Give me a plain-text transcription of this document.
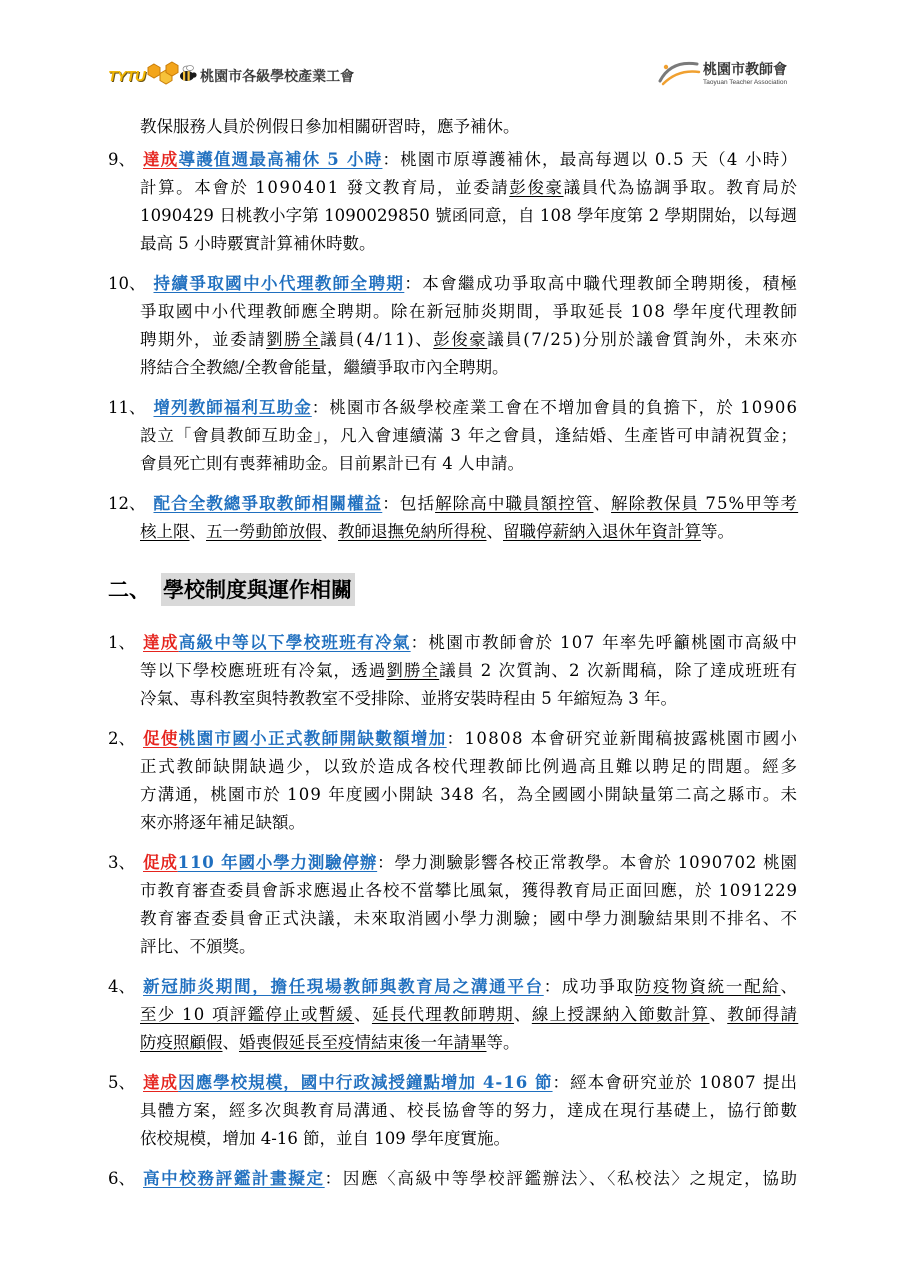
TYTU	桃園市各級學校產業工會	桃園市教師會
Taoyuan Teacher Association
教保服務人員於例假日參加相關研習時，應予補休。
9、 達成導護值週最高補休 5 小時：桃園市原導護補休，最高每週以 0.5 天（4 小時）
計算。本會於 1090401 發文教育局，並委請彭俊豪議員代為協調爭取。教育局於
1090429 日桃教小字第 1090029850 號函同意，自 108 學年度第 2 學期開始，以每週
最高 5 小時覈實計算補休時數。
10、 持續爭取國中小代理教師全聘期：本會繼成功爭取高中職代理教師全聘期後，積極
爭取國中小代理教師應全聘期。除在新冠肺炎期間，爭取延長 108 學年度代理教師
聘期外，並委請劉勝全議員(4/11)、彭俊豪議員(7/25)分別於議會質詢外，未來亦
將結合全教總/全教會能量，繼續爭取市內全聘期。
11、 增列教師福利互助金：桃園市各級學校產業工會在不增加會員的負擔下，於 10906
設立「會員教師互助金」，凡入會連續滿 3 年之會員，逢結婚、生產皆可申請祝賀金；
會員死亡則有喪葬補助金。目前累計已有 4 人申請。
12、 配合全教總爭取教師相關權益：包括解除高中職員額控管、解除教保員 75%甲等考
核上限、五一勞動節放假、教師退撫免納所得稅、留職停薪納入退休年資計算等。
二、 學校制度與運作相關
1、 達成高級中等以下學校班班有冷氣：桃園市教師會於 107 年率先呼籲桃園市高級中
等以下學校應班班有冷氣，透過劉勝全議員 2 次質詢、2 次新聞稿，除了達成班班有
冷氣、專科教室與特教教室不受排除、並將安裝時程由 5 年縮短為 3 年。
2、 促使桃園市國小正式教師開缺數額增加：10808 本會研究並新聞稿披露桃園市國小
正式教師缺開缺過少，以致於造成各校代理教師比例過高且難以聘足的問題。經多
方溝通，桃園市於 109 年度國小開缺 348 名，為全國國小開缺量第二高之縣市。未
來亦將逐年補足缺額。
3、 促成110 年國小學力測驗停辦：學力測驗影響各校正常教學。本會於 1090702 桃園
市教育審查委員會訴求應遏止各校不當攀比風氣，獲得教育局正面回應，於 1091229
教育審查委員會正式決議，未來取消國小學力測驗；國中學力測驗結果則不排名、不
評比、不頒獎。
4、 新冠肺炎期間，擔任現場教師與教育局之溝通平台：成功爭取防疫物資統一配給、
至少 10 項評鑑停止或暫緩、延長代理教師聘期、線上授課納入節數計算、教師得請
防疫照顧假、婚喪假延長至疫情結束後一年請畢等。
5、 達成因應學校規模，國中行政減授鐘點增加 4-16 節：經本會研究並於 10807 提出
具體方案，經多次與教育局溝通、校長協會等的努力，達成在現行基礎上，協行節數
依校規模，增加 4-16 節，並自 109 學年度實施。
6、 高中校務評鑑計畫擬定：因應〈高級中等學校評鑑辦法〉、〈私校法〉之規定，協助
